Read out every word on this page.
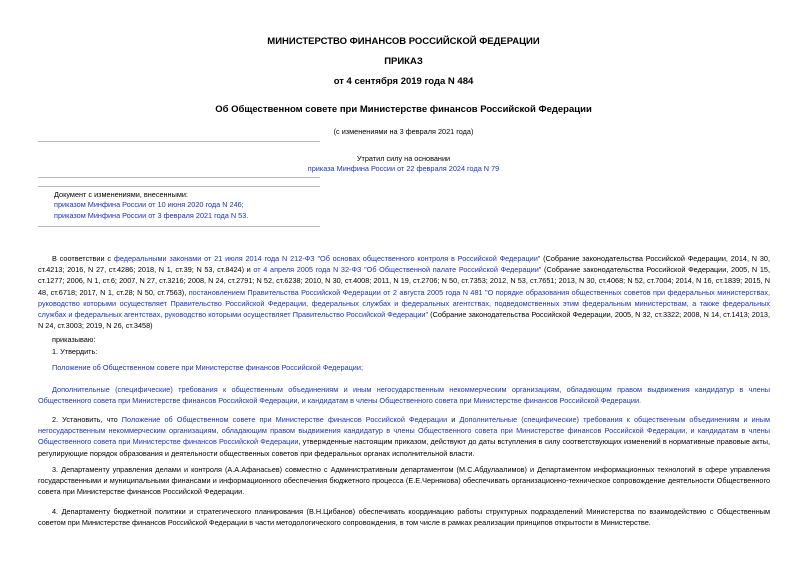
МИНИСТЕРСТВО ФИНАНСОВ РОССИЙСКОЙ ФЕДЕРАЦИИ
ПРИКАЗ
от 4 сентября 2019 года N 484
Об Общественном совете при Министерстве финансов Российской Федерации
(с изменениями на 3 февраля 2021 года)
Утратил силу на основании
приказа Минфина России от 22 февраля 2024 года N 79
Документ с изменениями, внесенными:
приказом Минфина России от 10 июня 2020 года N 246;
приказом Минфина России от 3 февраля 2021 года N 53.
В соответствии с федеральными законами от 21 июля 2014 года N 212-ФЗ "Об основах общественного контроля в Российской Федерации" (Собрание законодательства Российской Федерации, 2014, N 30, ст.4213; 2016, N 27, ст.4286; 2018, N 1, ст.39; N 53, ст.8424) и от 4 апреля 2005 года N 32-ФЗ "Об Общественной палате Российской Федерации" (Собрание законодательства Российской Федерации, 2005, N 15, ст.1277; 2006, N 1, ст.6; 2007, N 27, ст.3216; 2008, N 24, ст.2791; N 52, ст.6238; 2010, N 30, ст.4008; 2011, N 19, ст.2706; N 50, ст.7353; 2012, N 53, ст.7651; 2013, N 30, ст.4068; N 52, ст.7004; 2014, N 16, ст.1839; 2015, N 48, ст.6718; 2017, N 1, ст.28; N 50, ст.7563), постановлением Правительства Российской Федерации от 2 августа 2005 года N 481 "О порядке образования общественных советов при федеральных министерствах, руководство которыми осуществляет Правительство Российской Федерации, федеральных службах и федеральных агентствах, подведомственных этим федеральным министерствам, а также федеральных службах и федеральных агентствах, руководство которыми осуществляет Правительство Российской Федерации" (Собрание законодательства Российской Федерации, 2005, N 32, ст.3322; 2008, N 14, ст.1413; 2013, N 24, ст.3003; 2019, N 26, ст.3458)
приказываю:
1. Утвердить:
Положение об Общественном совете при Министерстве финансов Российской Федерации;
Дополнительные (специфические) требования к общественным объединениям и иным негосударственным некоммерческим организациям, обладающим правом выдвижения кандидатур в члены Общественного совета при Министерстве финансов Российской Федерации, и кандидатам в члены Общественного совета при Министерстве финансов Российской Федерации.
2. Установить, что Положение об Общественном совете при Министерстве финансов Российской Федерации и Дополнительные (специфические) требования к общественным объединениям и иным негосударственным некоммерческим организациям, обладающим правом выдвижения кандидатур в члены Общественного совета при Министерстве финансов Российской Федерации, и кандидатам в члены Общественного совета при Министерстве финансов Российской Федерации, утвержденные настоящим приказом, действуют до даты вступления в силу соответствующих изменений в нормативные правовые акты, регулирующие порядок образования и деятельности общественных советов при федеральных органах исполнительной власти.
3. Департаменту управления делами и контроля (А.А.Афанасьев) совместно с Административным департаментом (М.С.Абдулаалимов) и Департаментом информационных технологий в сфере управления государственными и муниципальными финансами и информационного обеспечения бюджетного процесса (Е.Е.Чернякова) обеспечивать организационно-техническое сопровождение деятельности Общественного совета при Министерстве финансов Российской Федерации.
4. Департаменту бюджетной политики и стратегического планирования (В.Н.Цибанов) обеспечивать координацию работы структурных подразделений Министерства по взаимодействию с Общественным советом при Министерстве финансов Российской Федерации в части методологического сопровождения, в том числе в рамках реализации принципов открытости в Министерстве.
